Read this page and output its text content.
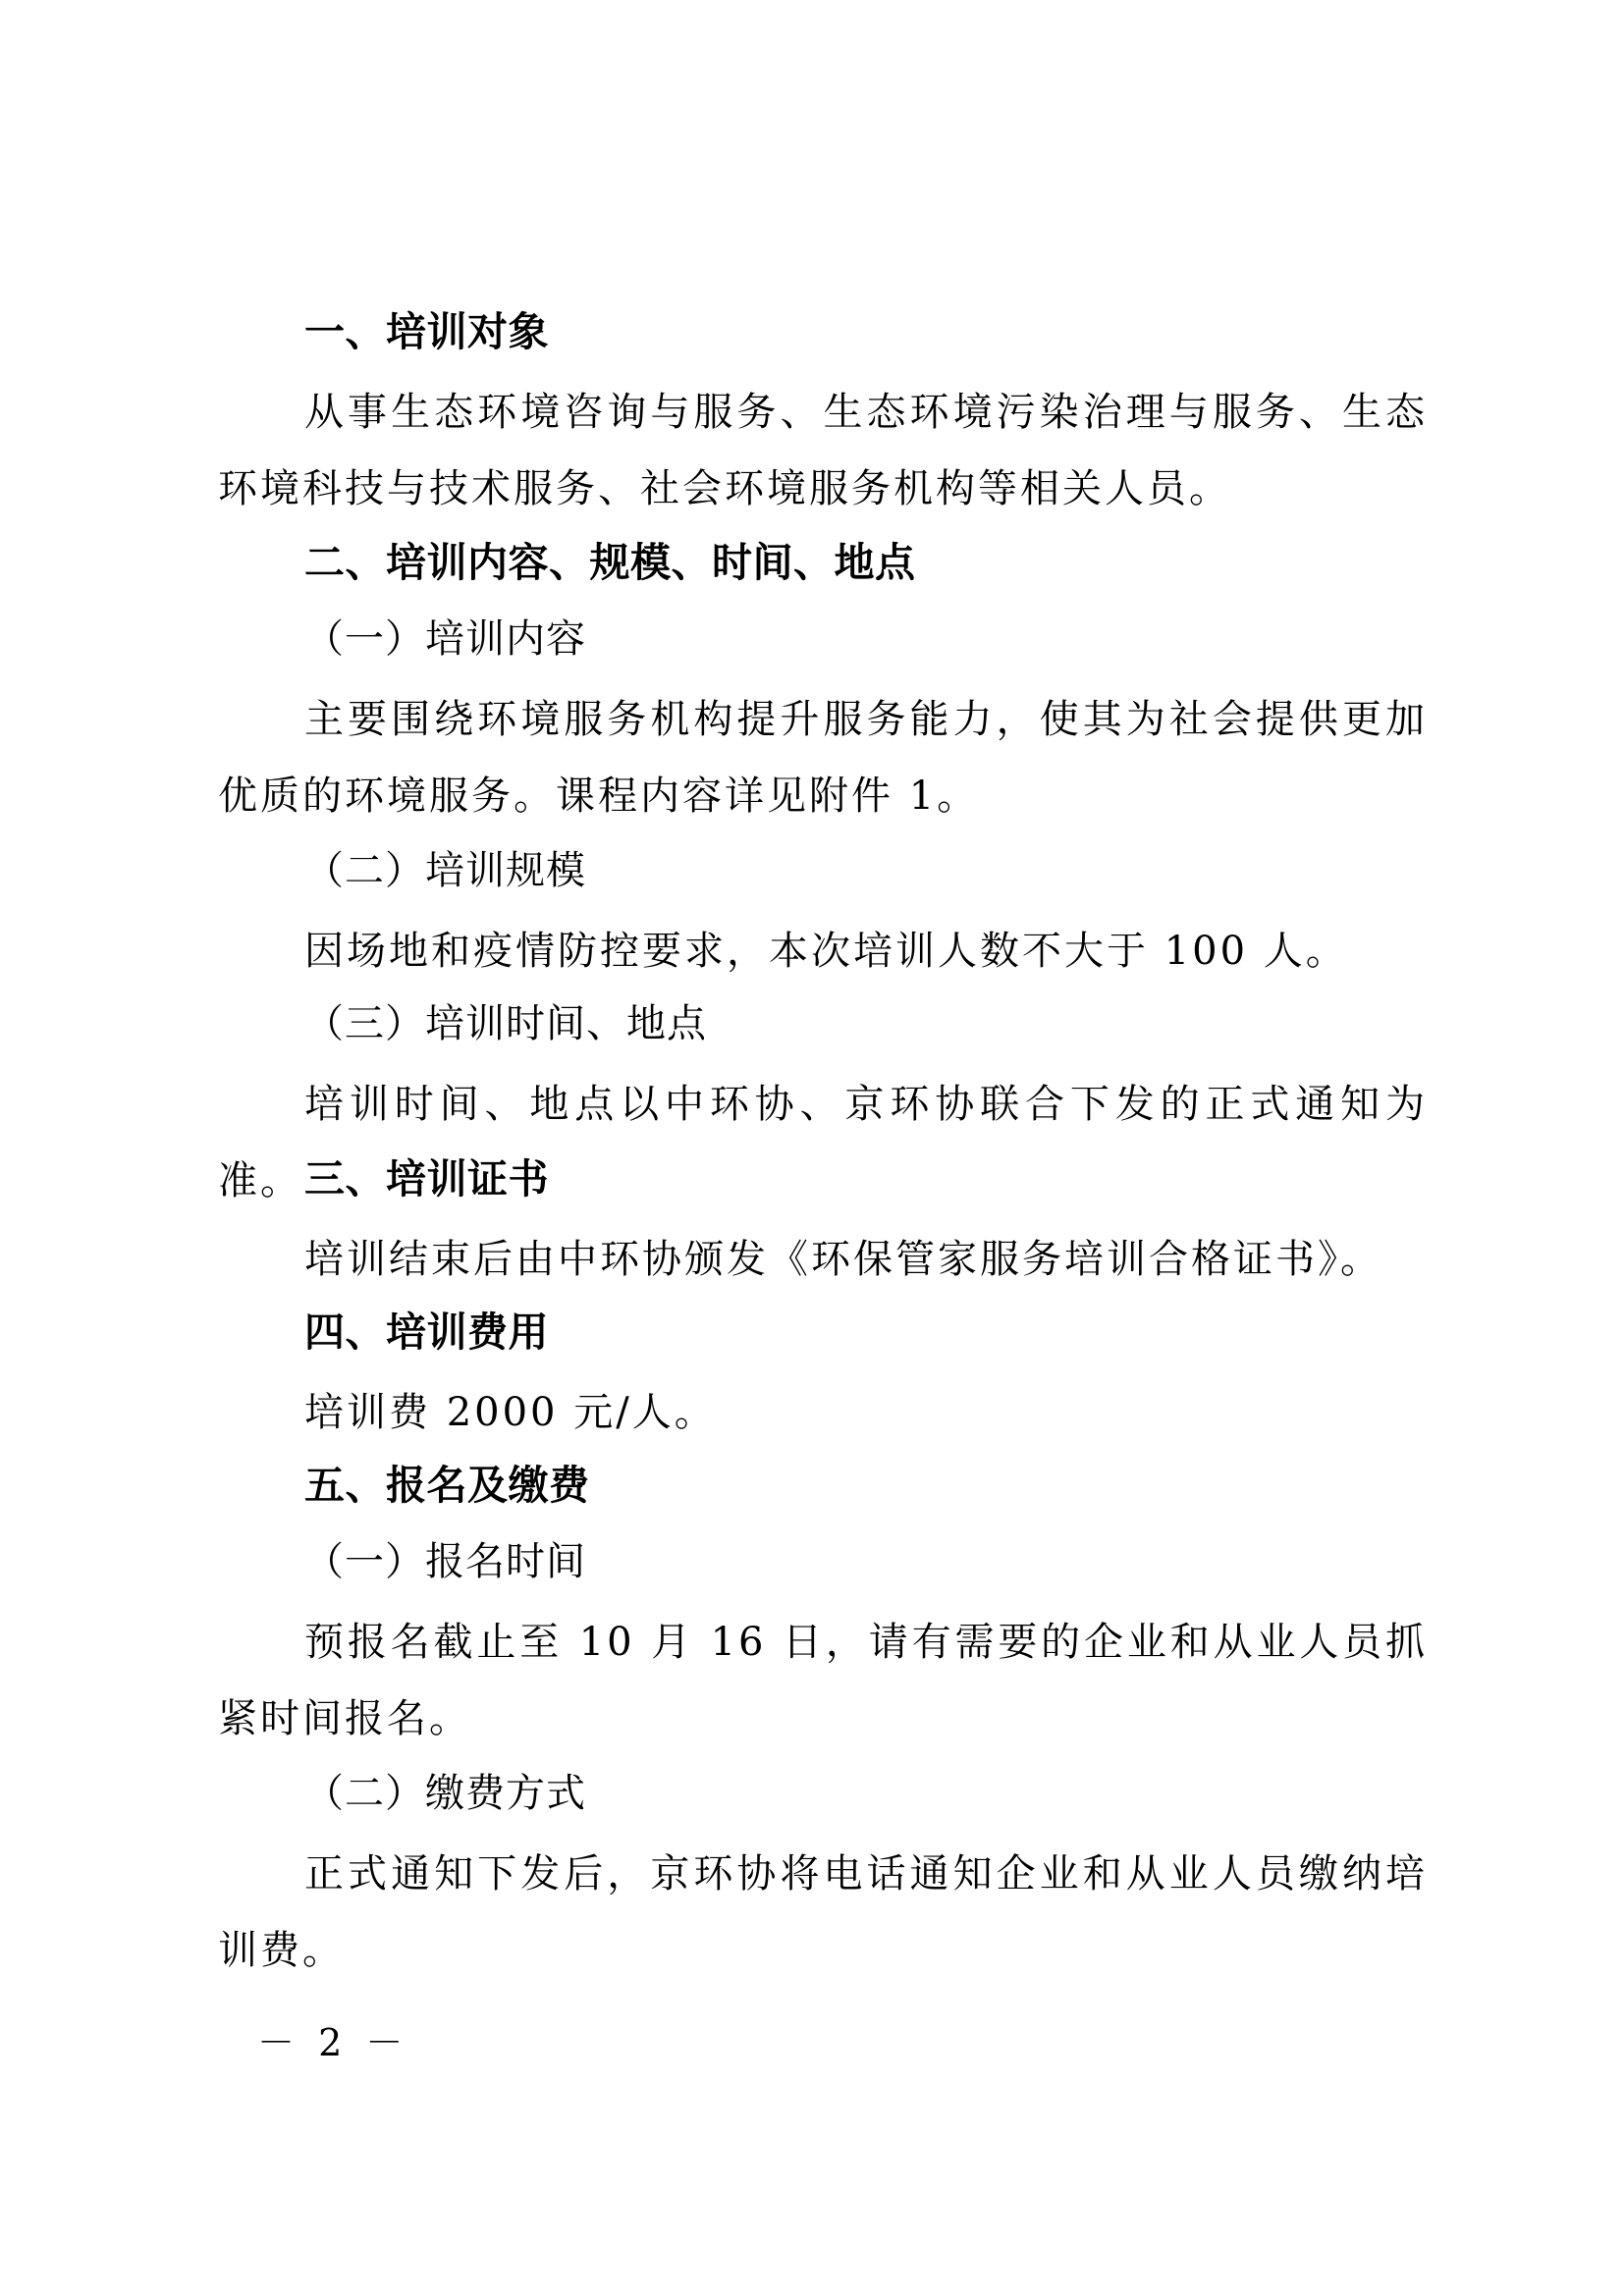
一、培训对象
从事生态环境咨询与服务、生态环境污染治理与服务、生态环境科技与技术服务、社会环境服务机构等相关人员。
二、培训内容、规模、时间、地点
（一）培训内容
主要围绕环境服务机构提升服务能力，使其为社会提供更加优质的环境服务。课程内容详见附件 1。
（二）培训规模
因场地和疫情防控要求，本次培训人数不大于 100 人。
（三）培训时间、地点
培训时间、地点以中环协、京环协联合下发的正式通知为准。 三、培训证书
培训结束后由中环协颁发《环保管家服务培训合格证书》。
四、培训费用
培训费 2000 元/人。
五、报名及缴费
（一）报名时间
预报名截止至 10 月 16 日，请有需要的企业和从业人员抓紧时间报名。
（二）缴费方式
正式通知下发后，京环协将电话通知企业和从业人员缴纳培训费。
－ 2 －
